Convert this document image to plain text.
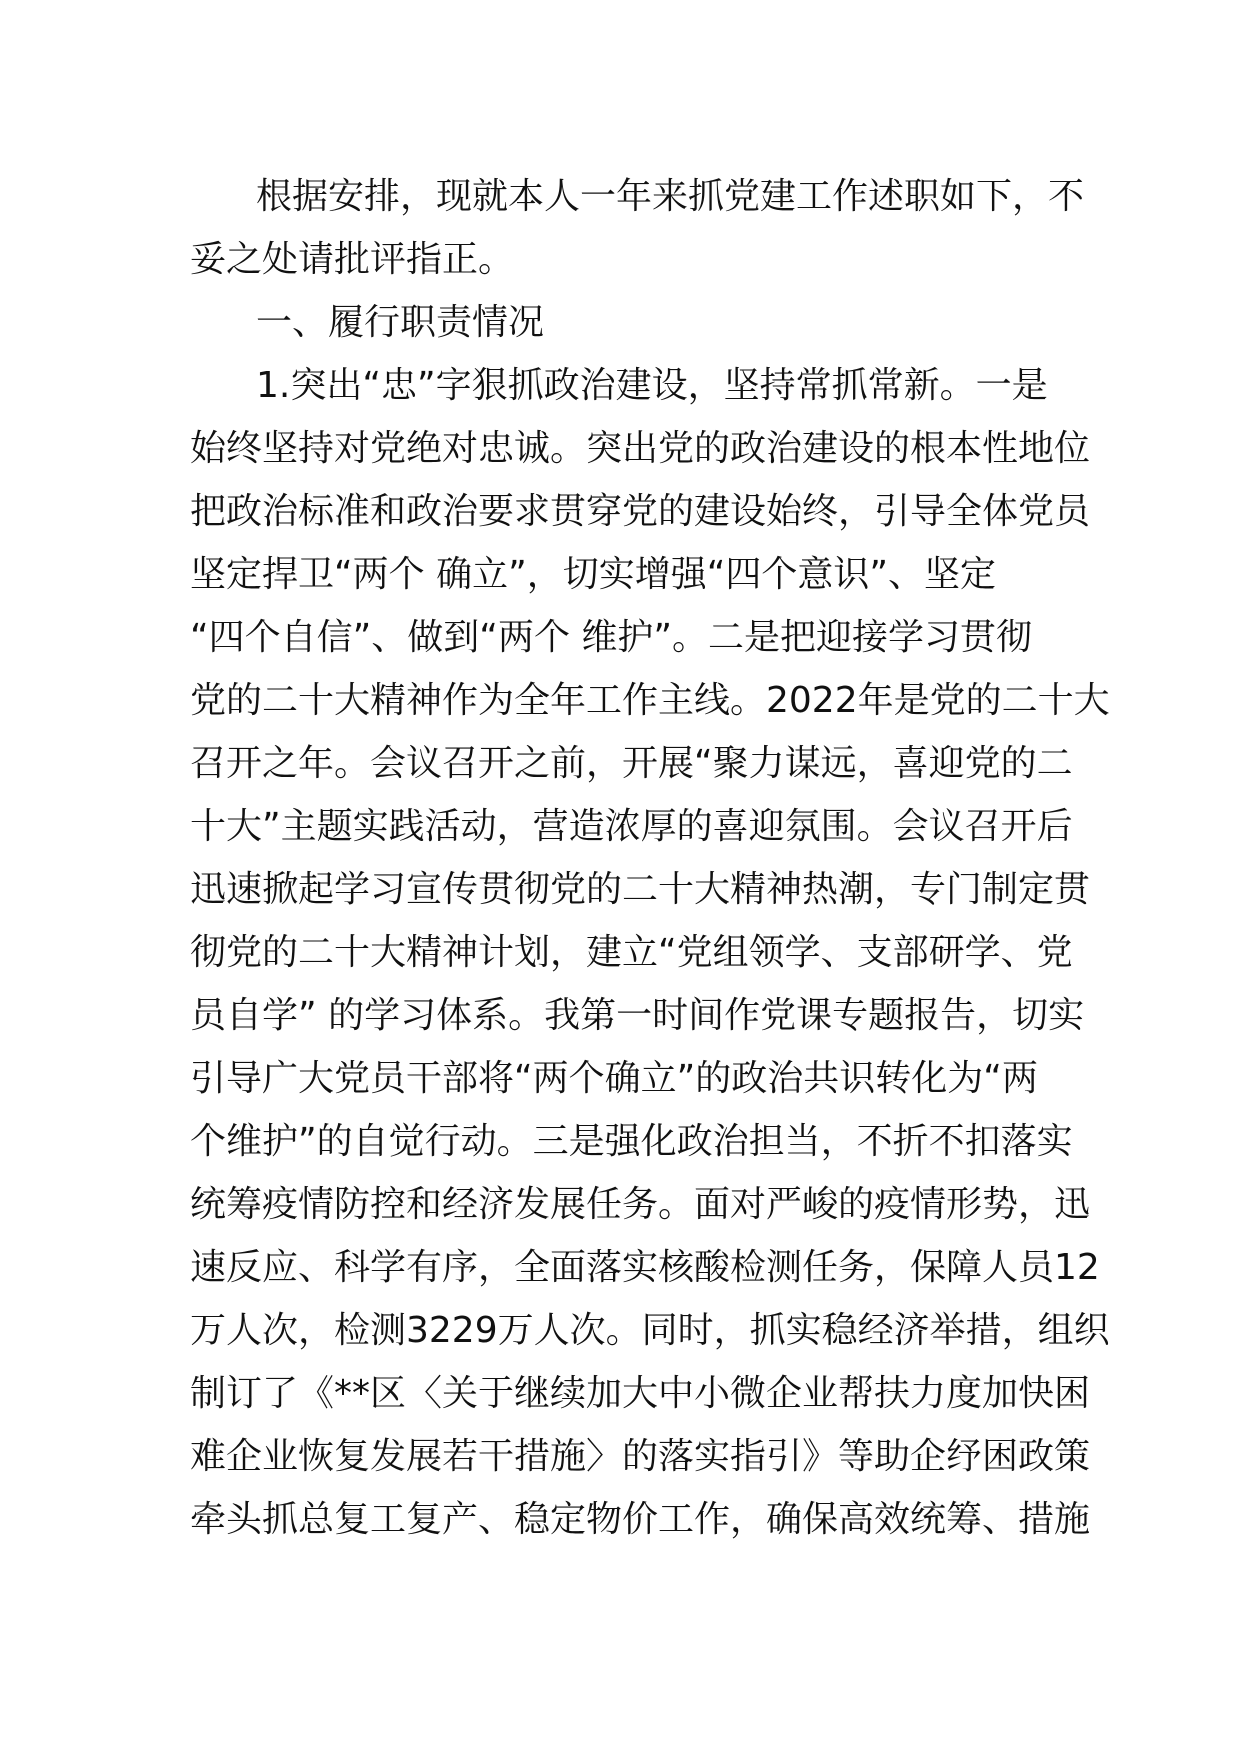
根据安排，现就本人一年来抓党建工作述职如下，不
妥之处请批评指正。
一、履行职责情况
1.突出“忠”字狠抓政治建设，坚持常抓常新。一是
始终坚持对党绝对忠诚。突出党的政治建设的根本性地位
把政治标准和政治要求贯穿党的建设始终，引导全体党员
坚定捍卫“两个 确立”，切实增强“四个意识”、坚定
“四个自信”、做到“两个 维护”。二是把迎接学习贯彻
党的二十大精神作为全年工作主线。2022年是党的二十大
召开之年。会议召开之前，开展“聚力谋远，喜迎党的二
十大”主题实践活动，营造浓厚的喜迎氛围。会议召开后
迅速掀起学习宣传贯彻党的二十大精神热潮，专门制定贯
彻党的二十大精神计划，建立“党组领学、支部研学、党
员自学” 的学习体系。我第一时间作党课专题报告，切实
引导广大党员干部将“两个确立”的政治共识转化为“两
个维护”的自觉行动。三是强化政治担当，不折不扣落实
统筹疫情防控和经济发展任务。面对严峻的疫情形势，迅
速反应、科学有序，全面落实核酸检测任务，保障人员12
万人次，检测3229万人次。同时，抓实稳经济举措，组织
制订了《**区〈关于继续加大中小微企业帮扶力度加快困
难企业恢复发展若干措施〉的落实指引》等助企纾困政策
牵头抓总复工复产、稳定物价工作，确保高效统筹、措施
